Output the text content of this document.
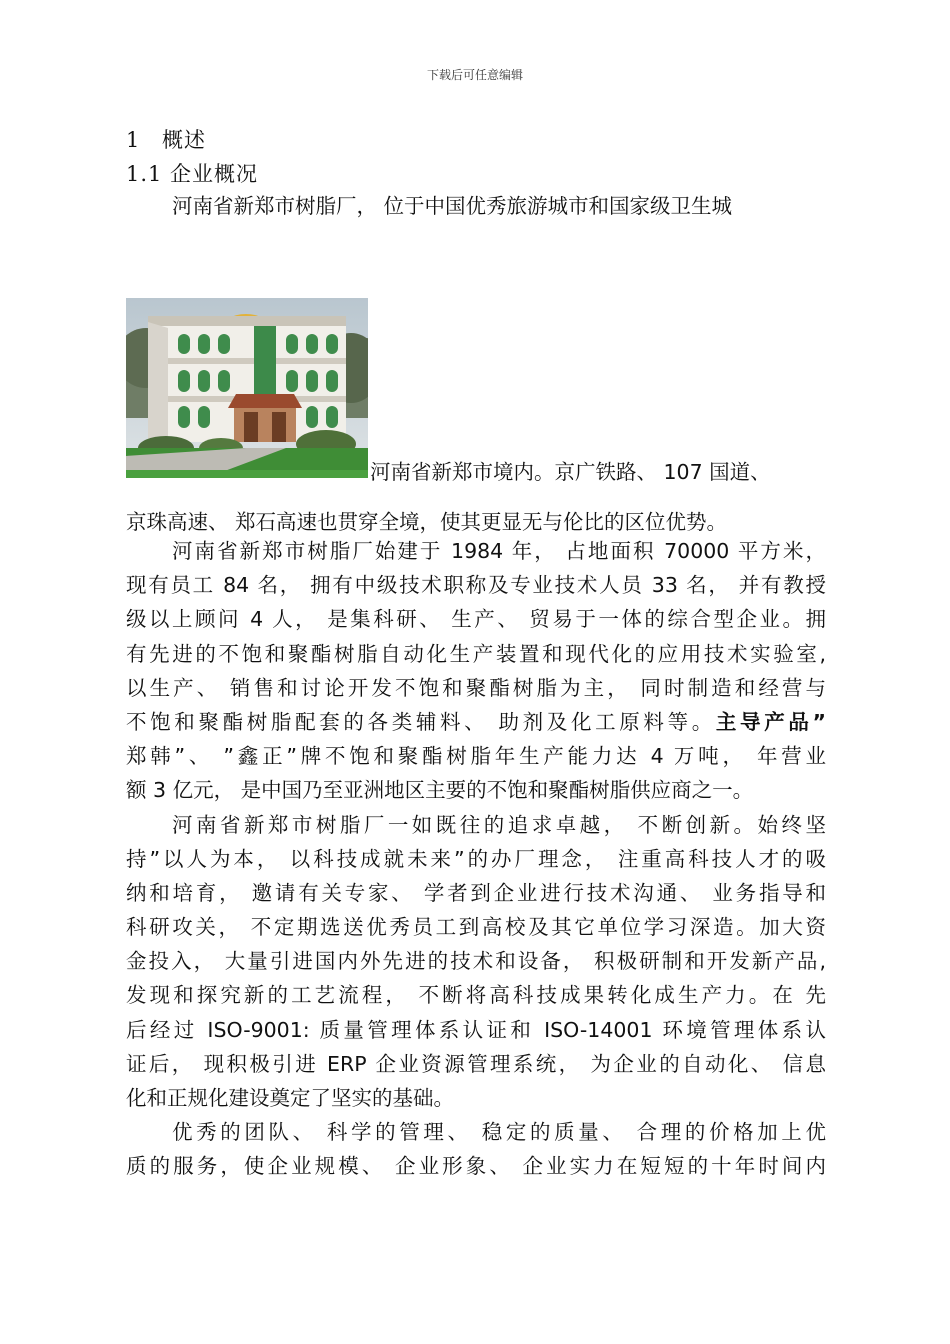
下载后可任意编辑
1 概述
1.1 企业概况
河南省新郑市树脂厂， 位于中国优秀旅游城市和国家级卫生城
河南省新郑市境内。京广铁路、 107 国道、
京珠高速、 郑石高速也贯穿全境，使其更显无与伦比的区位优势。
河南省新郑市树脂厂始建于 1984 年， 占地面积 70000 平方米，
现有员工 84 名， 拥有中级技术职称及专业技术人员 33 名， 并有教授
级以上顾问 4 人， 是集科研、 生产、 贸易于一体的综合型企业。拥
有先进的不饱和聚酯树脂自动化生产装置和现代化的应用技术实验室,
以生产、 销售和讨论开发不饱和聚酯树脂为主， 同时制造和经营与
不饱和聚酯树脂配套的各类辅料、 助剂及化工原料等。主导产品”
郑韩”、 ”鑫正”牌不饱和聚酯树脂年生产能力达 4 万吨， 年营业
额 3 亿元， 是中国乃至亚洲地区主要的不饱和聚酯树脂供应商之一。
河南省新郑市树脂厂一如既往的追求卓越， 不断创新。始终坚
持”以人为本， 以科技成就未来”的办厂理念， 注重高科技人才的吸
纳和培育， 邀请有关专家、 学者到企业进行技术沟通、 业务指导和
科研攻关， 不定期选送优秀员工到高校及其它单位学习深造。加大资
金投入， 大量引进国内外先进的技术和设备， 积极研制和开发新产品,
发现和探究新的工艺流程， 不断将高科技成果转化成生产力。在 先
后经过 ISO-9001: 质量管理体系认证和 ISO-14001 环境管理体系认
证后， 现积极引进 ERP 企业资源管理系统， 为企业的自动化、 信息
化和正规化建设奠定了坚实的基础。
优秀的团队、 科学的管理、 稳定的质量、 合理的价格加上优
质的服务，使企业规模、 企业形象、 企业实力在短短的十年时间内
